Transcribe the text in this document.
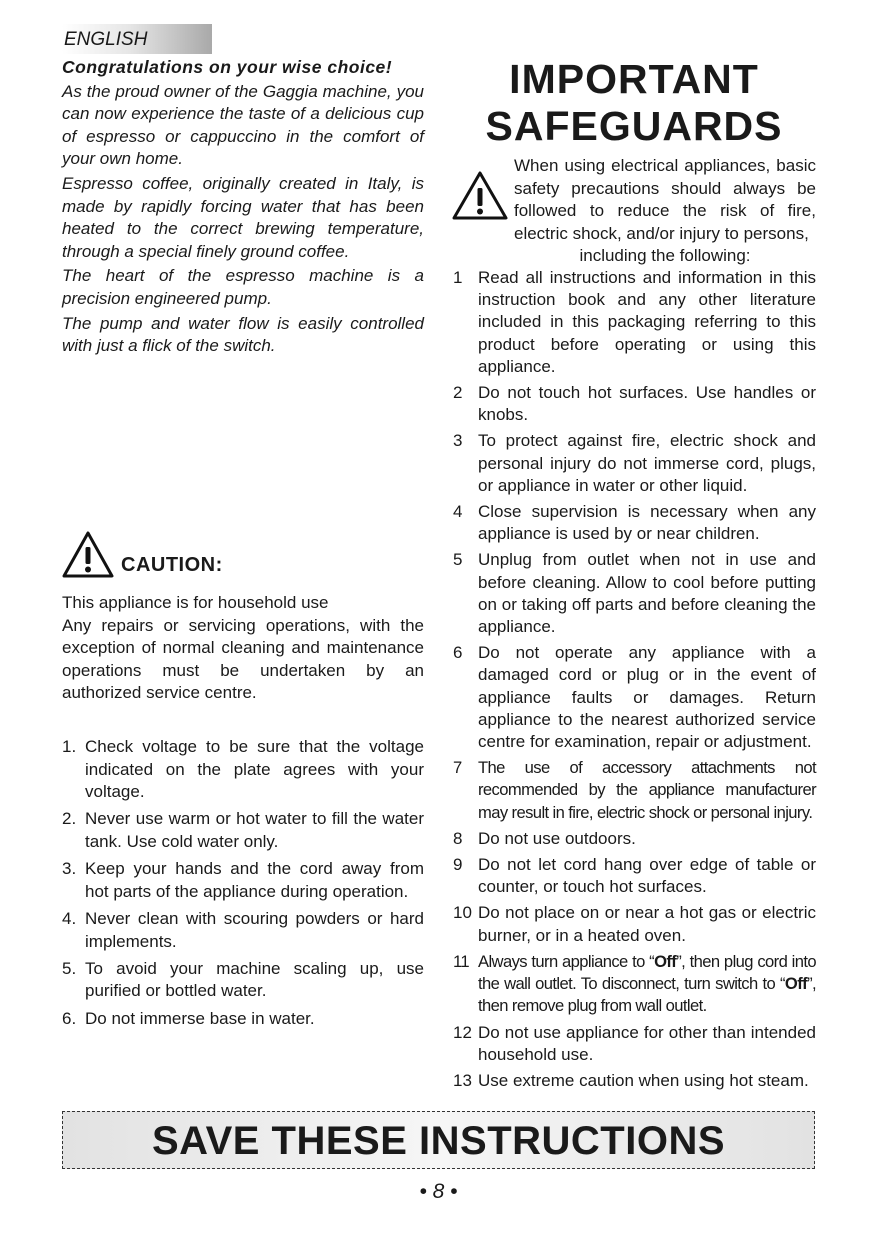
ENGLISH

Congratulations on your wise choice!

As the proud owner of the Gaggia machine, you can now experience the taste of a delicious cup of espresso or cappuccino in the comfort of your own home.

Espresso coffee, originally created in Italy, is made by rapidly forcing water that has been heated to the correct brewing temperature, through a special finely ground coffee.

The heart of the espresso machine is a precision engineered pump.

The pump and water flow is easily controlled with just a flick of the switch.

CAUTION:

This appliance is for household use

Any repairs or servicing operations, with the exception of normal cleaning and maintenance operations must be undertaken by an authorized service centre.

1. Check voltage to be sure that the voltage indicated on the plate agrees with your voltage.
2. Never use warm or hot water to fill the water tank. Use cold water only.
3. Keep your hands and the cord away from hot parts of the appliance during operation.
4. Never clean with scouring powders or hard implements.
5. To avoid your machine scaling up, use purified or bottled water.
6. Do not immerse base in water.
IMPORTANT
SAFEGUARDS
When using electrical appliances, basic safety precautions should always be followed to reduce the risk of fire, electric shock, and/or injury to persons,
including the following:
1 Read all instructions and information in this instruction book and any other literature included in this packaging referring to this product before operating or using this appliance.
2 Do not touch hot surfaces. Use handles or knobs.
3 To protect against fire, electric shock and personal injury do not immerse cord, plugs, or appliance in water or other liquid.
4 Close supervision is necessary when any appliance is used by or near children.
5 Unplug from outlet when not in use and before cleaning. Allow to cool before putting on or taking off parts and before cleaning the appliance.
6 Do not operate any appliance with a damaged cord or plug or in the event of appliance faults or damages. Return appliance to the nearest authorized service centre for examination, repair or adjustment.
7 The use of accessory attachments not recommended by the appliance manufacturer may result in fire, electric shock or personal injury.
8 Do not use outdoors.
9 Do not let cord hang over edge of table or counter, or touch hot surfaces.
10 Do not place on or near a hot gas or electric burner, or in a heated oven.
11 Always turn appliance to “Off”, then plug cord into the wall outlet. To disconnect, turn switch to “Off”, then remove plug from wall outlet.
12 Do not use appliance for other than intended household use.
13 Use extreme caution when using hot steam.
SAVE THESE INSTRUCTIONS
• 8 •
